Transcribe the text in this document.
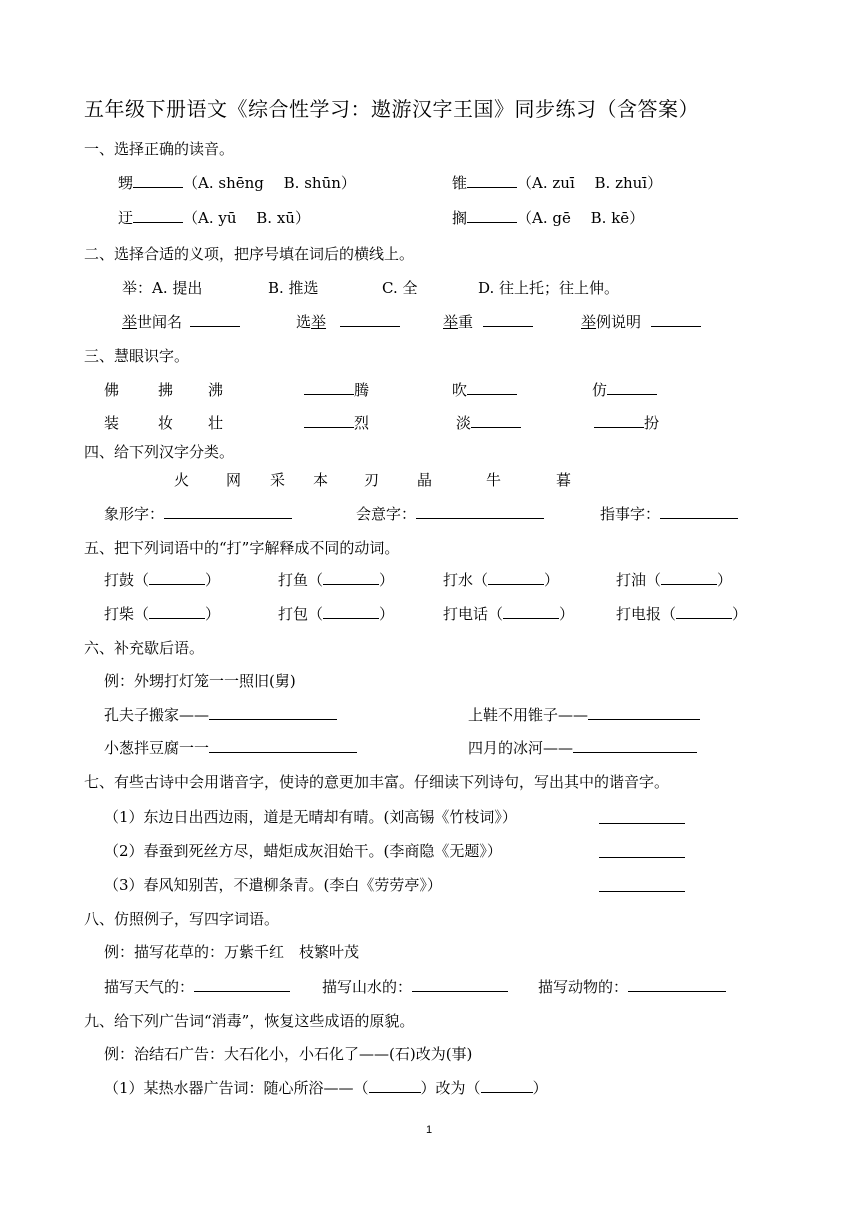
五年级下册语文《综合性学习：遨游汉字王国》同步练习（含答案）
一、选择正确的读音。
甥	（A. shēng　 B. shūn）	锥	（A. zuī　 B. zhuī）
迂	（A. yū　 B. xū）	搁	（A. gē　 B. kē）
二、选择合适的义项，把序号填在词后的横线上。
举：A. 提出	B. 推选	C. 全	D. 往上托；往上伸。
举世闻名	选举	举重	举例说明
三、慧眼识字。
佛	拂 沸	腾	吹	仿
装	妆 壮	烈	淡	扮
四、给下列汉字分类。
火 网 采 本 刃	晶	牛	暮
象形字：	会意字：	指事字：
五、把下列词语中的“打”字解释成不同的动词。
打鼓（	）	打鱼（	）	打水（	）	打油（	）
打柴（	）	打包（	）	打电话（	）	打电报（	）
六、补充歇后语。
例：外甥打灯笼一一照旧(舅)
孔夫子搬家——	上鞋不用锥子——
小葱拌豆腐一一	四月的冰河——
七、有些古诗中会用谐音字，使诗的意更加丰富。仔细读下列诗句，写出其中的谐音字。
（1）东边日出西边雨，道是无晴却有晴。(刘高锡《竹枝词》）
（2）春蚕到死丝方尽，蜡炬成灰泪始干。(李商隐《无题》）
（3）春风知别苦，不遣柳条青。(李白《劳劳亭》）
八、仿照例子，写四字词语。
例：描写花草的：万紫千红　枝繁叶茂
描写天气的：	描写山水的：	描写动物的：
九、给下列广告词“消毒”，恢复这些成语的原貌。
例：治结石广告：大石化小，小石化了——(石)改为(事)
（1）某热水器广告词：随心所浴——（	）改为（	）
1
